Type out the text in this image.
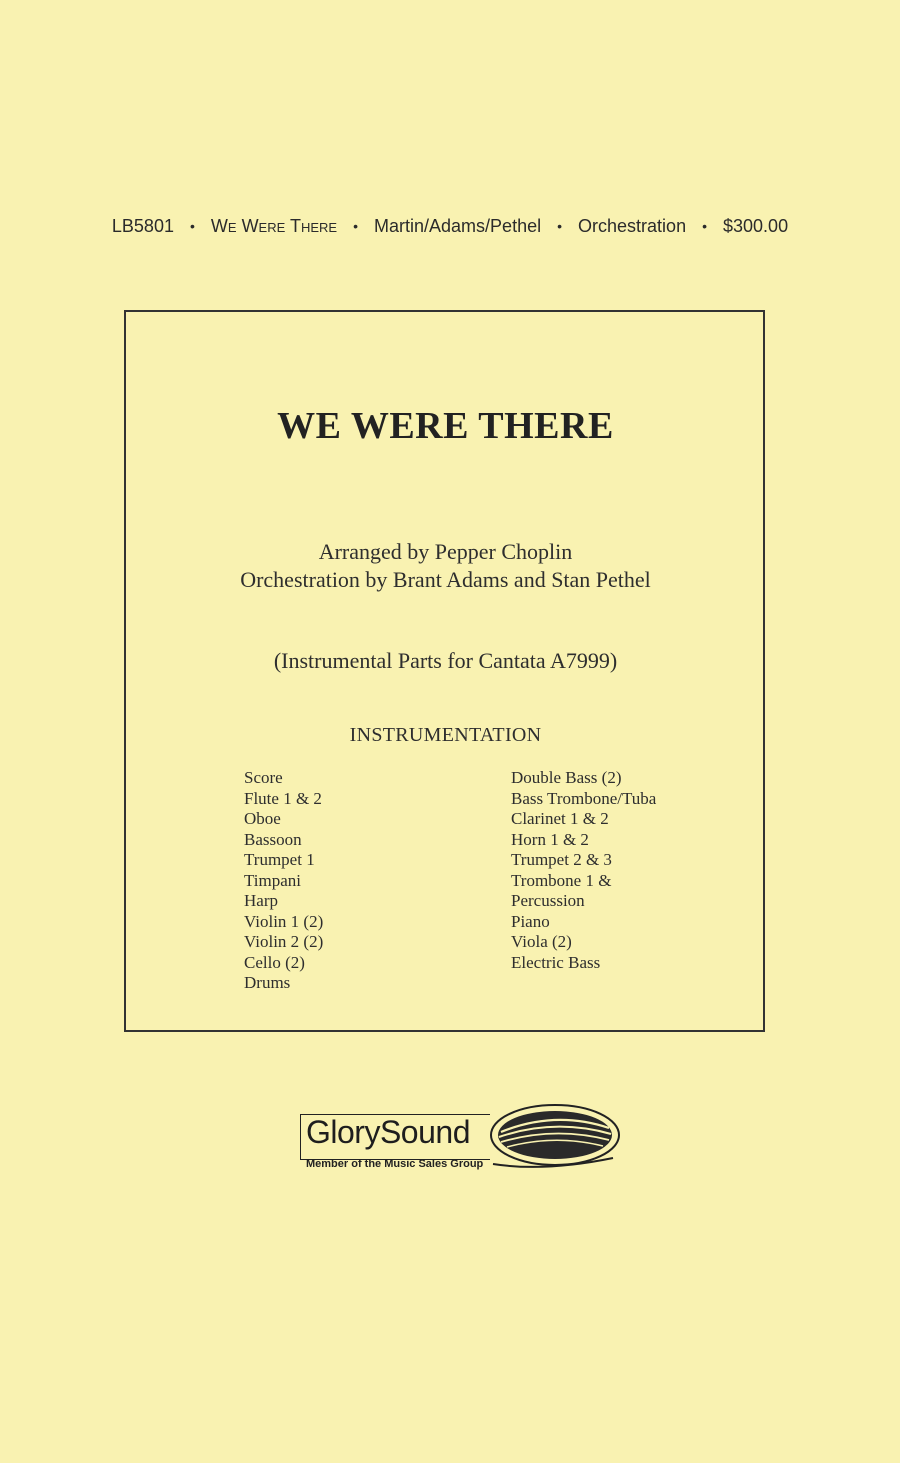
LB5801 • We Were There • Martin/Adams/Pethel • Orchestration • $300.00
WE WERE THERE
Arranged by Pepper Choplin
Orchestration by Brant Adams and Stan Pethel
(Instrumental Parts for Cantata A7999)
INSTRUMENTATION
Score
Flute 1 & 2
Oboe
Bassoon
Trumpet 1
Timpani
Harp
Violin 1 (2)
Violin 2 (2)
Cello (2)
Drums
Double Bass (2)
Bass Trombone/Tuba
Clarinet 1 & 2
Horn 1 & 2
Trumpet 2 & 3
Trombone 1 &
Percussion
Piano
Viola (2)
Electric Bass
GlorySound
Member of the Music Sales Group
